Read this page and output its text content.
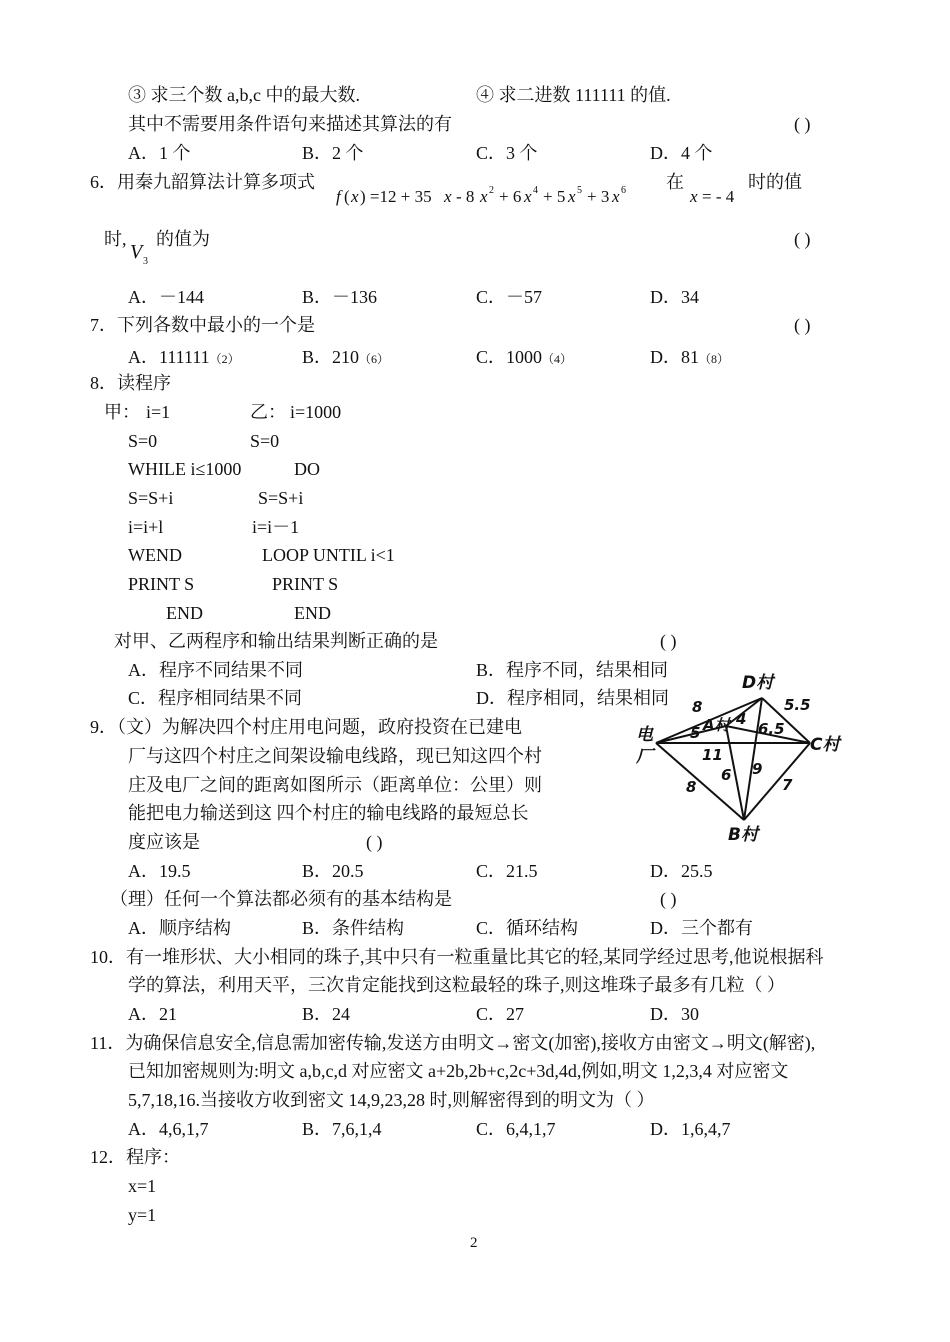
③ 求三个数 a,b,c 中的最大数.	④ 求二进数 111111 的值.
其中不需要用条件语句来描述其算法的有	( )
A．1 个	B．2 个	C．3 个	D．4 个
6．用秦九韶算法计算多项式
f ( x ) =12 + 35 x - 8 x 2 + 6 x 4 + 5 x 5 + 3 x 6 在
x = - 4
时的值
时,
V 3
的值为	( )
A．－144	B．－136	C．－57	D．34
7．下列各数中最小的一个是	( )
A．111111（2）	B．210（6）	C．1000（4）	D．81（8）
8．读程序
甲： i=1	乙： i=1000
S=0	S=0
WHILE i≤1000	DO
S=S+i	S=S+i
i=i+l	i=i－1
WEND	LOOP UNTIL i<1
PRINT S	PRINT S
END	END
对甲、乙两程序和输出结果判断正确的是	( )
A．程序不同结果不同	B．程序不同，结果相同
C．程序相同结果不同	D．程序相同，结果相同
9．（文）为解决四个村庄用电问题，政府投资在已建电
厂与这四个村庄之间架设输电线路，现已知这四个村
庄及电厂之间的距离如图所示（距离单位：公里）则
能把电力输送到这 四个村庄的输电线路的最短总长
度应该是	( )
A．19.5	B．20.5	C．21.5	D．25.5
（理）任何一个算法都必须有的基本结构是	( )
A．顺序结构	B．条件结构	C．循环结构	D．三个都有
电
厂
D村
C村
B村
A村
8
5
11
8
4
6.5
6
5.5
9
7
10．有一堆形状、大小相同的珠子,其中只有一粒重量比其它的轻,某同学经过思考,他说根据科
学的算法，利用天平，三次肯定能找到这粒最轻的珠子,则这堆珠子最多有几粒（ ）
A．21	B．24	C．27	D．30
11．为确保信息安全,信息需加密传输,发送方由明文→密文(加密),接收方由密文→明文(解密),
已知加密规则为:明文 a,b,c,d 对应密文 a+2b,2b+c,2c+3d,4d,例如,明文 1,2,3,4 对应密文
5,7,18,16.当接收方收到密文 14,9,23,28 时,则解密得到的明文为（ ）
A．4,6,1,7	B．7,6,1,4	C．6,4,1,7	D．1,6,4,7
12．程序：
x=1
y=1
2
